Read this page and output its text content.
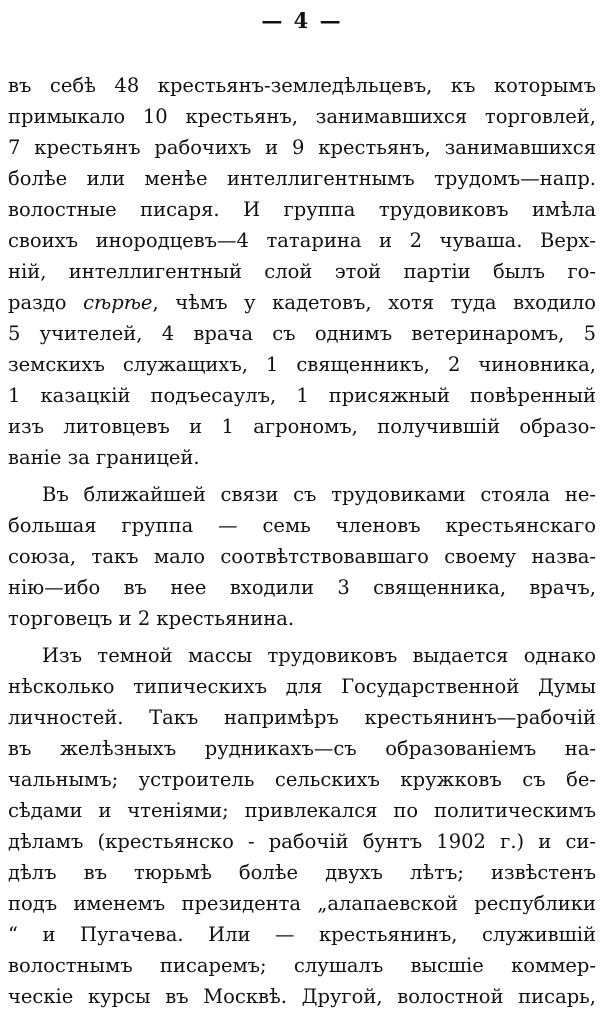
— 4 —
въ себѣ 48 крестьянъ-земледѣльцевъ, къ которымъ
примыкало 10 крестьянъ, занимавшихся торговлей,
7 крестьянъ рабочихъ и 9 крестьянъ, занимавшихся
болѣе или менѣе интеллигентнымъ трудомъ—напр.
волостные писаря. И группа трудовиковъ имѣла
своихъ инородцевъ—4 татарина и 2 чуваша. Верх-
ній, интеллигентный слой этой партіи былъ го-
раздо сѣрѣе, чѣмъ у кадетовъ, хотя туда входило
5 учителей, 4 врача съ однимъ ветеринаромъ, 5
земскихъ служащихъ, 1 священникъ, 2 чиновника,
1 казацкій подъесаулъ, 1 присяжный повѣренный
изъ литовцевъ и 1 агрономъ, получившій образо-
ваніе за границей.
Въ ближайшей связи съ трудовиками стояла не-
большая группа — семь членовъ крестьянскаго
союза, такъ мало соотвѣтствовавшаго своему назва-
нію—ибо въ нее входили 3 священника, врачъ,
торговецъ и 2 крестьянина.
Изъ темной массы трудовиковъ выдается однако
нѣсколько типическихъ для Государственной Думы
личностей. Такъ напримѣръ крестьянинъ—рабочій
въ желѣзныхъ рудникахъ—съ образованіемъ на-
чальнымъ; устроитель сельскихъ кружковъ съ бе-
сѣдами и чтеніями; привлекался по политическимъ
дѣламъ (крестьянско - рабочій бунтъ 1902 г.) и си-
дѣлъ въ тюрьмѣ болѣе двухъ лѣтъ; извѣстенъ
подъ именемъ президента „алапаевской республики
“ и Пугачева. Или — крестьянинъ, служившій
волостнымъ писаремъ; слушалъ высшіе коммер-
ческіе курсы въ Москвѣ. Другой, волостной писарь,
